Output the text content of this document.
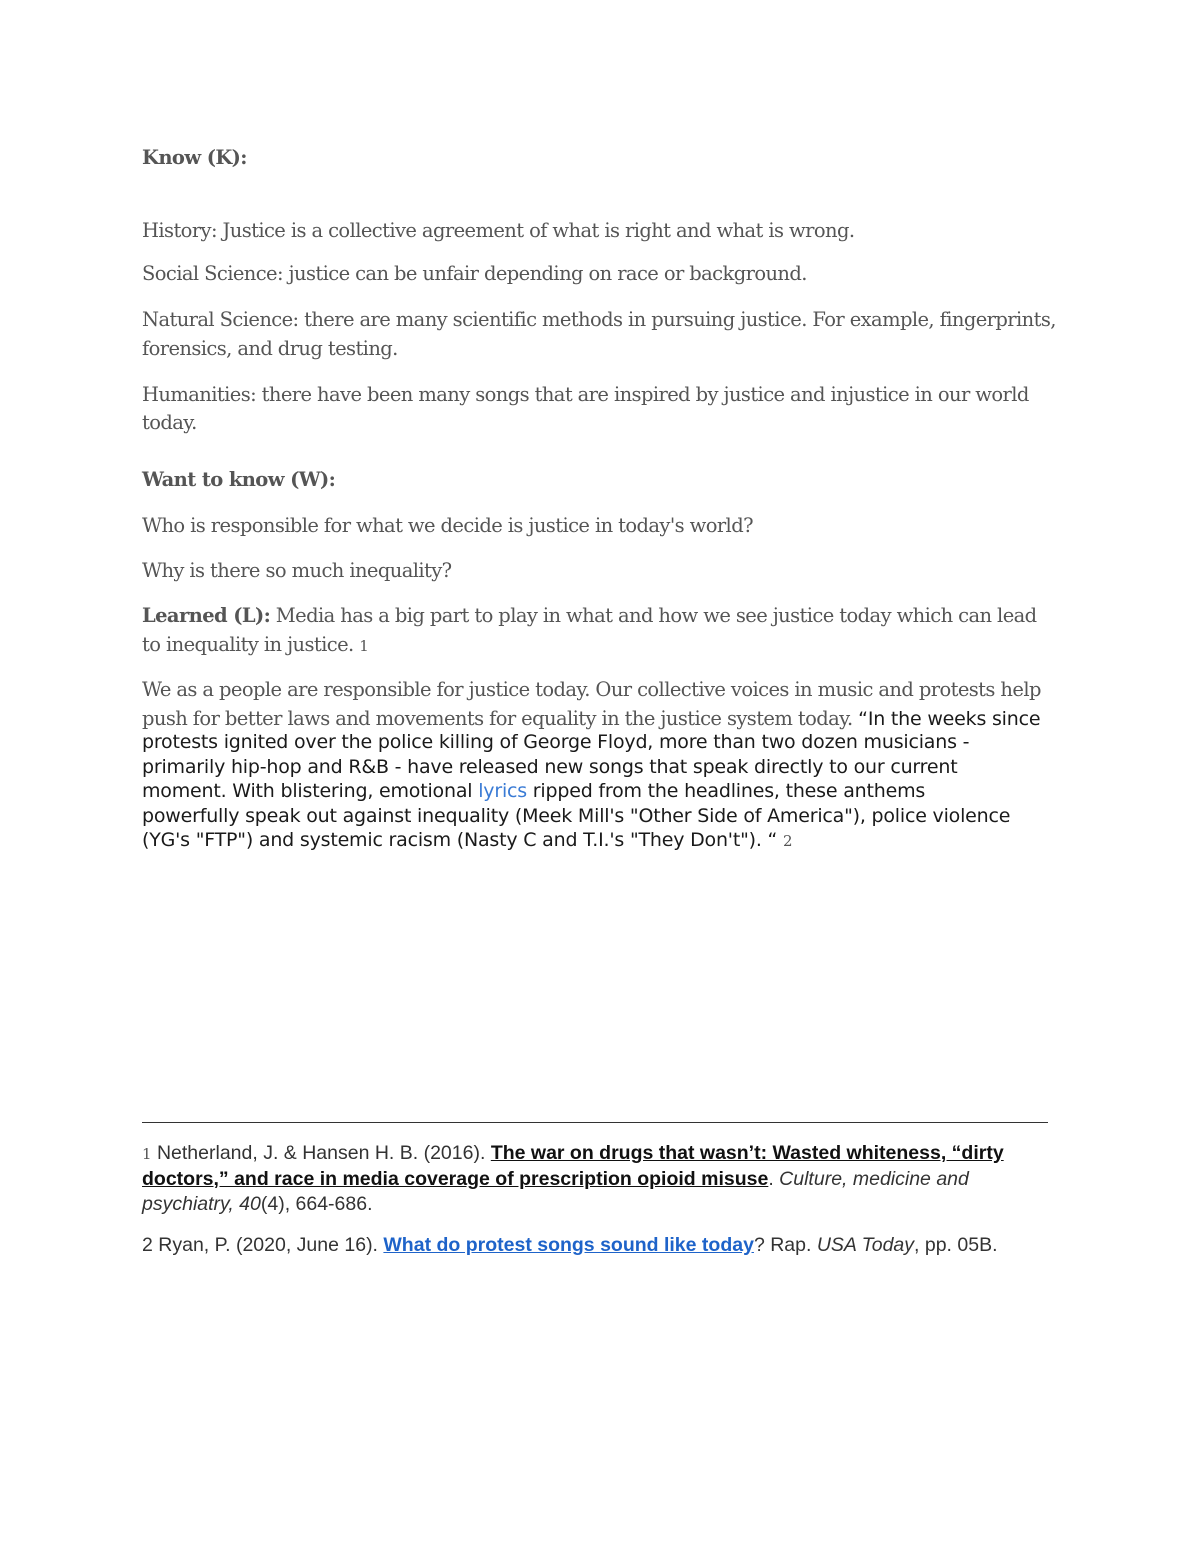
Know (K):
History: Justice is a collective agreement of what is right and what is wrong.
Social Science: justice can be unfair depending on race or background.
Natural Science: there are many scientific methods in pursuing justice. For example, fingerprints,
forensics, and drug testing.
Humanities: there have been many songs that are inspired by justice and injustice in our world
today.
Want to know (W):
Who is responsible for what we decide is justice in today's world?
Why is there so much inequality?
Learned (L): Media has a big part to play in what and how we see justice today which can lead
to inequality in justice. 1
We as a people are responsible for justice today. Our collective voices in music and protests help
push for better laws and movements for equality in the justice system today. “In the weeks since
protests ignited over the police killing of George Floyd, more than two dozen musicians -
primarily hip-hop and R&B - have released new songs that speak directly to our current
moment. With blistering, emotional lyrics ripped from the headlines, these anthems
powerfully speak out against inequality (Meek Mill's "Other Side of America"), police violence
(YG's "FTP") and systemic racism (Nasty C and T.I.'s "They Don't"). “ 2
1 Netherland, J. & Hansen H. B. (2016). The war on drugs that wasn’t: Wasted whiteness, “dirty
doctors,” and race in media coverage of prescription opioid misuse. Culture, medicine and
psychiatry, 40(4), 664-686.
2 Ryan, P. (2020, June 16). What do protest songs sound like today? Rap. USA Today, pp. 05B.
